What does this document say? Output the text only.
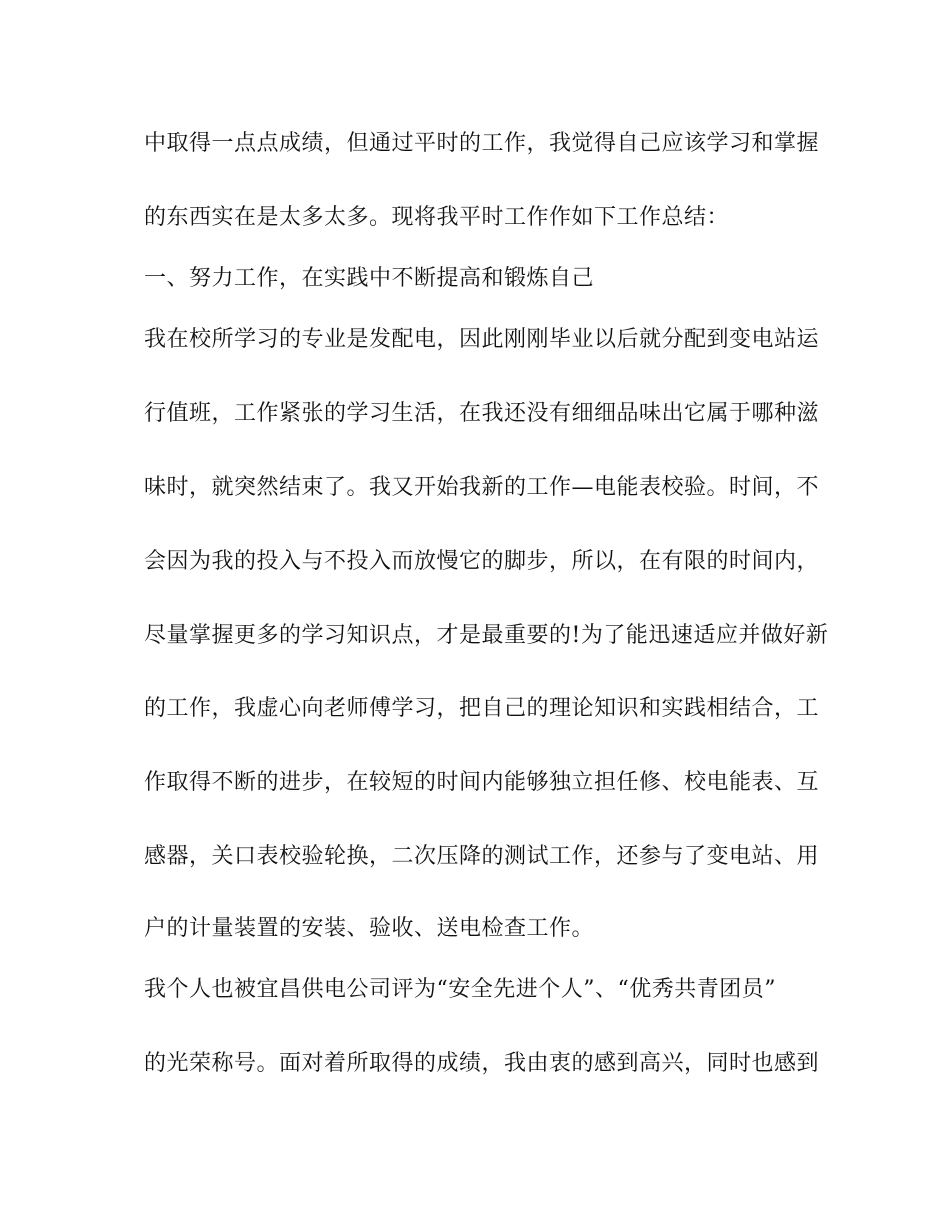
中取得一点点成绩，但通过平时的工作，我觉得自己应该学习和掌握
的东西实在是太多太多。现将我平时工作作如下工作总结：
一、努力工作，在实践中不断提高和锻炼自己
我在校所学习的专业是发配电，因此刚刚毕业以后就分配到变电站运
行值班，工作紧张的学习生活，在我还没有细细品味出它属于哪种滋
味时，就突然结束了。我又开始我新的工作—电能表校验。时间，不
会因为我的投入与不投入而放慢它的脚步，所以，在有限的时间内，
尽量掌握更多的学习知识点，才是最重要的!为了能迅速适应并做好新
的工作，我虚心向老师傅学习，把自己的理论知识和实践相结合，工
作取得不断的进步，在较短的时间内能够独立担任修、校电能表、互
感器，关口表校验轮换，二次压降的测试工作，还参与了变电站、用
户的计量装置的安装、验收、送电检查工作。
我个人也被宜昌供电公司评为“安全先进个人”、“优秀共青团员”
的光荣称号。面对着所取得的成绩，我由衷的感到高兴，同时也感到
